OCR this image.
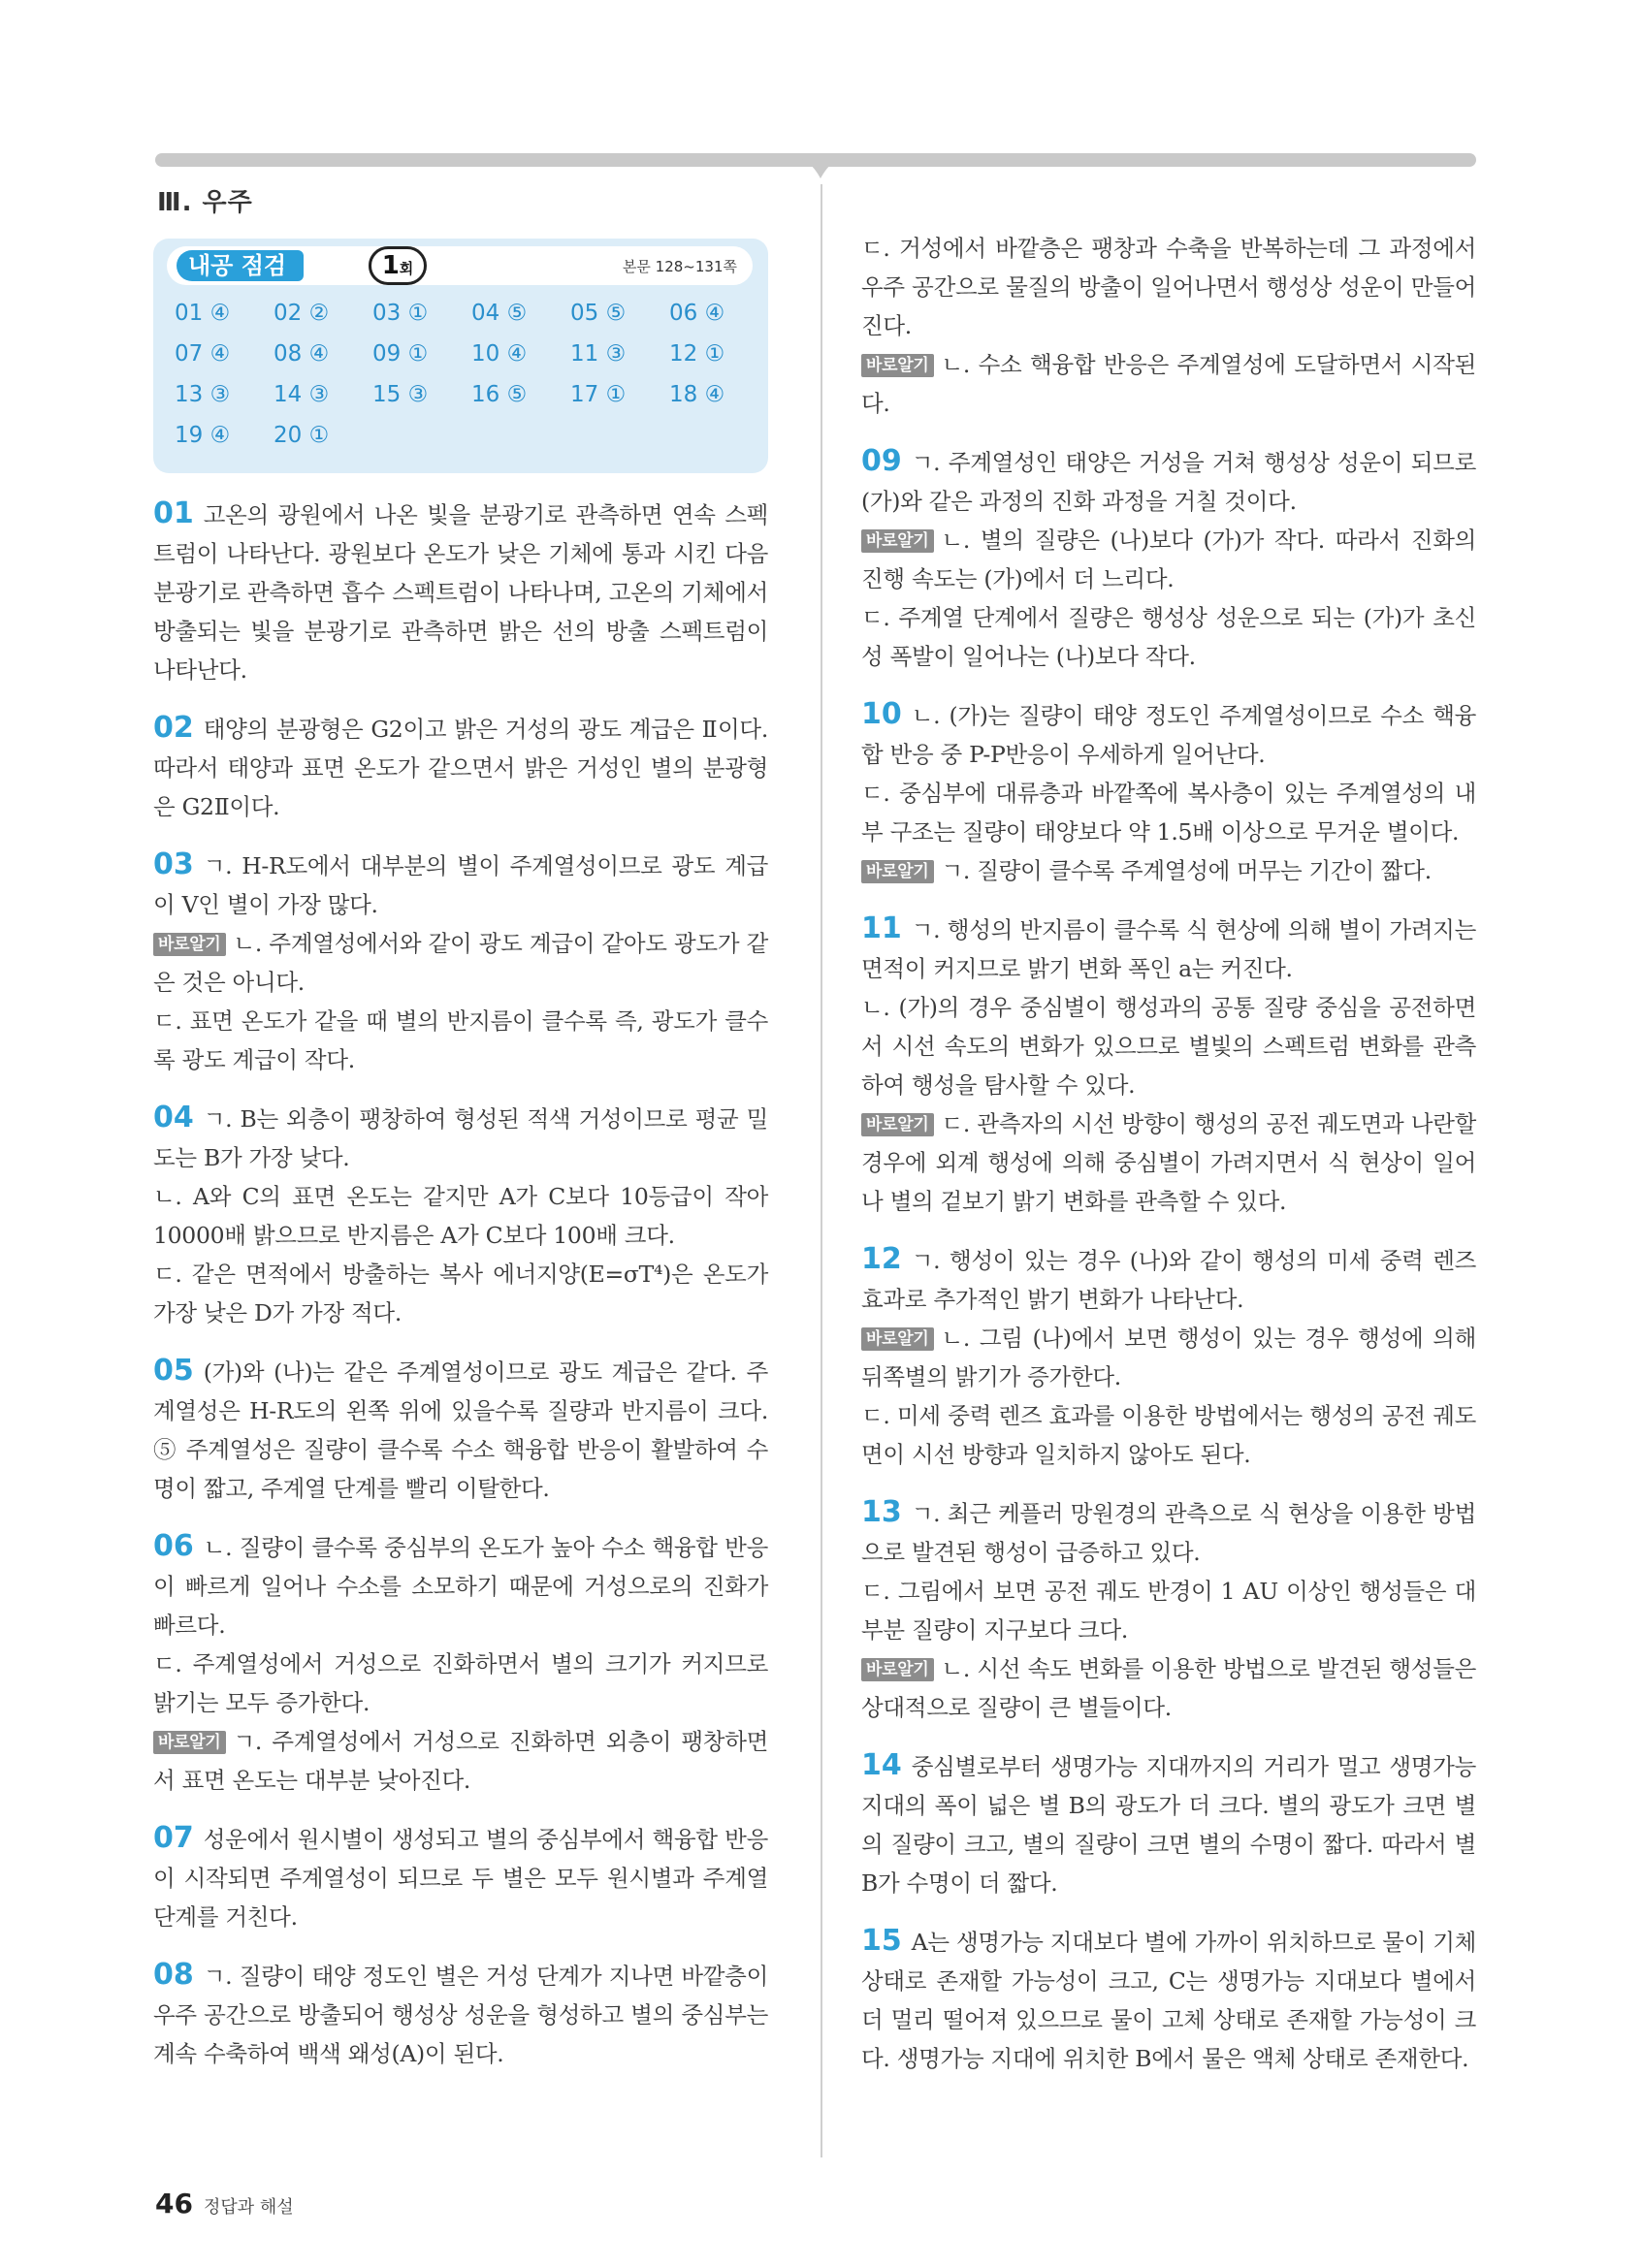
Ⅲ. 우주
내공 점검	1회	본문 128~131쪽
01 ④ 02 ② 03 ① 04 ⑤ 05 ⑤ 06 ④
07 ④ 08 ④ 09 ① 10 ④ 11 ③ 12 ①
13 ③ 14 ③ 15 ③ 16 ⑤ 17 ① 18 ④
19 ④ 20 ①

01 고온의 광원에서 나온 빛을 분광기로 관측하면 연속 스펙트럼이 나타난다. 광원보다 온도가 낮은 기체에 통과 시킨 다음 분광기로 관측하면 흡수 스펙트럼이 나타나며, 고온의 기체에서 방출되는 빛을 분광기로 관측하면 밝은 선의 방출 스펙트럼이 나타난다.

02 태양의 분광형은 G2이고 밝은 거성의 광도 계급은 Ⅱ이다. 따라서 태양과 표면 온도가 같으면서 밝은 거성인 별의 분광형은 G2Ⅱ이다.

03 ㄱ. H-R도에서 대부분의 별이 주계열성이므로 광도 계급이 Ⅴ인 별이 가장 많다.

바로알기 ㄴ. 주계열성에서와 같이 광도 계급이 같아도 광도가 같은 것은 아니다.

ㄷ. 표면 온도가 같을 때 별의 반지름이 클수록 즉, 광도가 클수록 광도 계급이 작다.

04 ㄱ. B는 외층이 팽창하여 형성된 적색 거성이므로 평균 밀도는 B가 가장 낮다.

ㄴ. A와 C의 표면 온도는 같지만 A가 C보다 10등급이 작아 10000배 밝으므로 반지름은 A가 C보다 100배 크다.

ㄷ. 같은 면적에서 방출하는 복사 에너지양(E=σT⁴)은 온도가 가장 낮은 D가 가장 적다.

05 (가)와 (나)는 같은 주계열성이므로 광도 계급은 같다. 주계열성은 H-R도의 왼쪽 위에 있을수록 질량과 반지름이 크다. ⑤ 주계열성은 질량이 클수록 수소 핵융합 반응이 활발하여 수명이 짧고, 주계열 단계를 빨리 이탈한다.

06 ㄴ. 질량이 클수록 중심부의 온도가 높아 수소 핵융합 반응이 빠르게 일어나 수소를 소모하기 때문에 거성으로의 진화가 빠르다.

ㄷ. 주계열성에서 거성으로 진화하면서 별의 크기가 커지므로 밝기는 모두 증가한다.

바로알기 ㄱ. 주계열성에서 거성으로 진화하면 외층이 팽창하면서 표면 온도는 대부분 낮아진다.

07 성운에서 원시별이 생성되고 별의 중심부에서 핵융합 반응이 시작되면 주계열성이 되므로 두 별은 모두 원시별과 주계열 단계를 거친다.

08 ㄱ. 질량이 태양 정도인 별은 거성 단계가 지나면 바깥층이 우주 공간으로 방출되어 행성상 성운을 형성하고 별의 중심부는 계속 수축하여 백색 왜성(A)이 된다.

ㄷ. 거성에서 바깥층은 팽창과 수축을 반복하는데 그 과정에서 우주 공간으로 물질의 방출이 일어나면서 행성상 성운이 만들어진다.

바로알기 ㄴ. 수소 핵융합 반응은 주계열성에 도달하면서 시작된다.

09 ㄱ. 주계열성인 태양은 거성을 거쳐 행성상 성운이 되므로 (가)와 같은 과정의 진화 과정을 거칠 것이다.

바로알기 ㄴ. 별의 질량은 (나)보다 (가)가 작다. 따라서 진화의 진행 속도는 (가)에서 더 느리다.

ㄷ. 주계열 단계에서 질량은 행성상 성운으로 되는 (가)가 초신성 폭발이 일어나는 (나)보다 작다.

10 ㄴ. (가)는 질량이 태양 정도인 주계열성이므로 수소 핵융합 반응 중 P-P반응이 우세하게 일어난다.

ㄷ. 중심부에 대류층과 바깥쪽에 복사층이 있는 주계열성의 내부 구조는 질량이 태양보다 약 1.5배 이상으로 무거운 별이다.

바로알기 ㄱ. 질량이 클수록 주계열성에 머무는 기간이 짧다.

11 ㄱ. 행성의 반지름이 클수록 식 현상에 의해 별이 가려지는 면적이 커지므로 밝기 변화 폭인 a는 커진다.

ㄴ. (가)의 경우 중심별이 행성과의 공통 질량 중심을 공전하면서 시선 속도의 변화가 있으므로 별빛의 스펙트럼 변화를 관측하여 행성을 탐사할 수 있다.

바로알기 ㄷ. 관측자의 시선 방향이 행성의 공전 궤도면과 나란할 경우에 외계 행성에 의해 중심별이 가려지면서 식 현상이 일어나 별의 겉보기 밝기 변화를 관측할 수 있다.

12 ㄱ. 행성이 있는 경우 (나)와 같이 행성의 미세 중력 렌즈 효과로 추가적인 밝기 변화가 나타난다.

바로알기 ㄴ. 그림 (나)에서 보면 행성이 있는 경우 행성에 의해 뒤쪽별의 밝기가 증가한다.

ㄷ. 미세 중력 렌즈 효과를 이용한 방법에서는 행성의 공전 궤도면이 시선 방향과 일치하지 않아도 된다.

13 ㄱ. 최근 케플러 망원경의 관측으로 식 현상을 이용한 방법으로 발견된 행성이 급증하고 있다.

ㄷ. 그림에서 보면 공전 궤도 반경이 1 AU 이상인 행성들은 대부분 질량이 지구보다 크다.

바로알기 ㄴ. 시선 속도 변화를 이용한 방법으로 발견된 행성들은 상대적으로 질량이 큰 별들이다.

14 중심별로부터 생명가능 지대까지의 거리가 멀고 생명가능 지대의 폭이 넓은 별 B의 광도가 더 크다. 별의 광도가 크면 별의 질량이 크고, 별의 질량이 크면 별의 수명이 짧다. 따라서 별 B가 수명이 더 짧다.

15 A는 생명가능 지대보다 별에 가까이 위치하므로 물이 기체 상태로 존재할 가능성이 크고, C는 생명가능 지대보다 별에서 더 멀리 떨어져 있으므로 물이 고체 상태로 존재할 가능성이 크다. 생명가능 지대에 위치한 B에서 물은 액체 상태로 존재한다.

46 정답과 해설
